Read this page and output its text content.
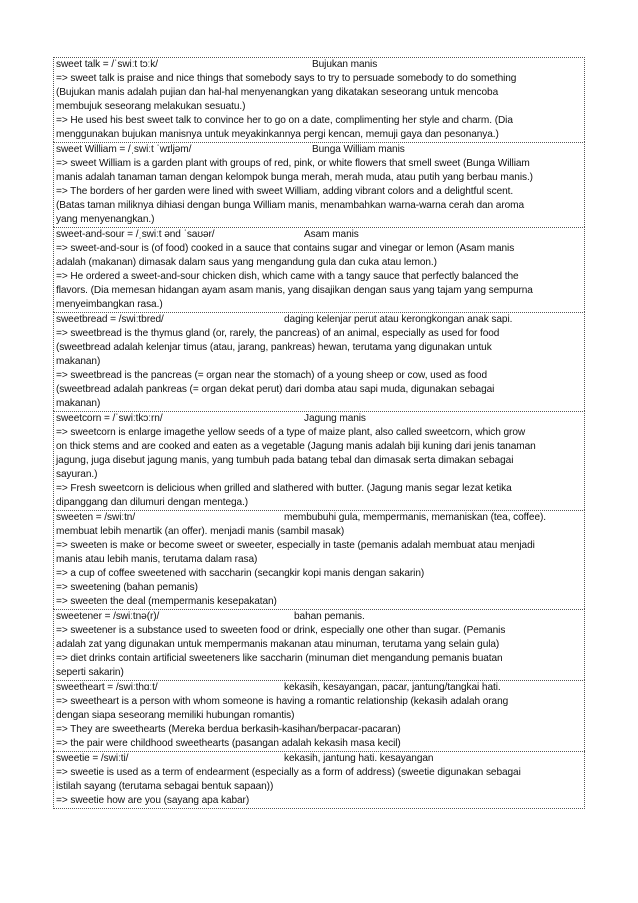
sweet talk = /ˈswiːt tɔːk/	Bujukan manis
=> sweet talk is praise and nice things that somebody says to try to persuade somebody to do something
(Bujukan manis adalah pujian dan hal-hal menyenangkan yang dikatakan seseorang untuk mencoba
membujuk seseorang melakukan sesuatu.)
=> He used his best sweet talk to convince her to go on a date, complimenting her style and charm. (Dia
menggunakan bujukan manisnya untuk meyakinkannya pergi kencan, memuji gaya dan pesonanya.)
sweet William = /ˌswiːt ˈwɪljəm/	Bunga William manis
=> sweet William is a garden plant with groups of red, pink, or white flowers that smell sweet (Bunga William
manis adalah tanaman taman dengan kelompok bunga merah, merah muda, atau putih yang berbau manis.)
=> The borders of her garden were lined with sweet William, adding vibrant colors and a delightful scent.
(Batas taman miliknya dihiasi dengan bunga William manis, menambahkan warna-warna cerah dan aroma
yang menyenangkan.)
sweet-and-sour = /ˌswiːt ənd ˈsaʊər/	Asam manis
=> sweet-and-sour is (of food) cooked in a sauce that contains sugar and vinegar or lemon (Asam manis
adalah (makanan) dimasak dalam saus yang mengandung gula dan cuka atau lemon.)
=> He ordered a sweet-and-sour chicken dish, which came with a tangy sauce that perfectly balanced the
flavors. (Dia memesan hidangan ayam asam manis, yang disajikan dengan saus yang tajam yang sempurna
menyeimbangkan rasa.)
sweetbread = /swiːtbred/	daging kelenjar perut atau kerongkongan anak sapi.
=> sweetbread is the thymus gland (or, rarely, the pancreas) of an animal, especially as used for food
(sweetbread adalah kelenjar timus (atau, jarang, pankreas) hewan, terutama yang digunakan untuk
makanan)
=> sweetbread is the pancreas (= organ near the stomach) of a young sheep or cow, used as food
(sweetbread adalah pankreas (= organ dekat perut) dari domba atau sapi muda, digunakan sebagai
makanan)
sweetcorn = /ˈswiːtkɔːrn/	Jagung manis
=> sweetcorn is enlarge imagethe yellow seeds of a type of maize plant, also called sweetcorn, which grow
on thick stems and are cooked and eaten as a vegetable (Jagung manis adalah biji kuning dari jenis tanaman
jagung, juga disebut jagung manis, yang tumbuh pada batang tebal dan dimasak serta dimakan sebagai
sayuran.)
=> Fresh sweetcorn is delicious when grilled and slathered with butter. (Jagung manis segar lezat ketika
dipanggang dan dilumuri dengan mentega.)
sweeten = /swiːtn/	membubuhi gula, mempermanis, memaniskan (tea, coffee).
membuat lebih menartik (an offer). menjadi manis (sambil masak)
=> sweeten is make or become sweet or sweeter, especially in taste (pemanis adalah membuat atau menjadi
manis atau lebih manis, terutama dalam rasa)
=> a cup of coffee sweetened with saccharin (secangkir kopi manis dengan sakarin)
=> sweetening (bahan pemanis)
=> sweeten the deal (mempermanis kesepakatan)
sweetener = /swiːtnə(r)/	bahan pemanis.
=> sweetener is a substance used to sweeten food or drink, especially one other than sugar. (Pemanis
adalah zat yang digunakan untuk mempermanis makanan atau minuman, terutama yang selain gula)
=> diet drinks contain artificial sweeteners like saccharin (minuman diet mengandung pemanis buatan
seperti sakarin)
sweetheart = /swiːthɑːt/	kekasih, kesayangan, pacar, jantung/tangkai hati.
=> sweetheart is a person with whom someone is having a romantic relationship (kekasih adalah orang
dengan siapa seseorang memiliki hubungan romantis)
=> They are sweethearts (Mereka berdua berkasih-kasihan/berpacar-pacaran)
=> the pair were childhood sweethearts (pasangan adalah kekasih masa kecil)
sweetie = /swiːti/	kekasih, jantung hati. kesayangan
=> sweetie is used as a term of endearment (especially as a form of address) (sweetie digunakan sebagai
istilah sayang (terutama sebagai bentuk sapaan))
=> sweetie how are you (sayang apa kabar)
